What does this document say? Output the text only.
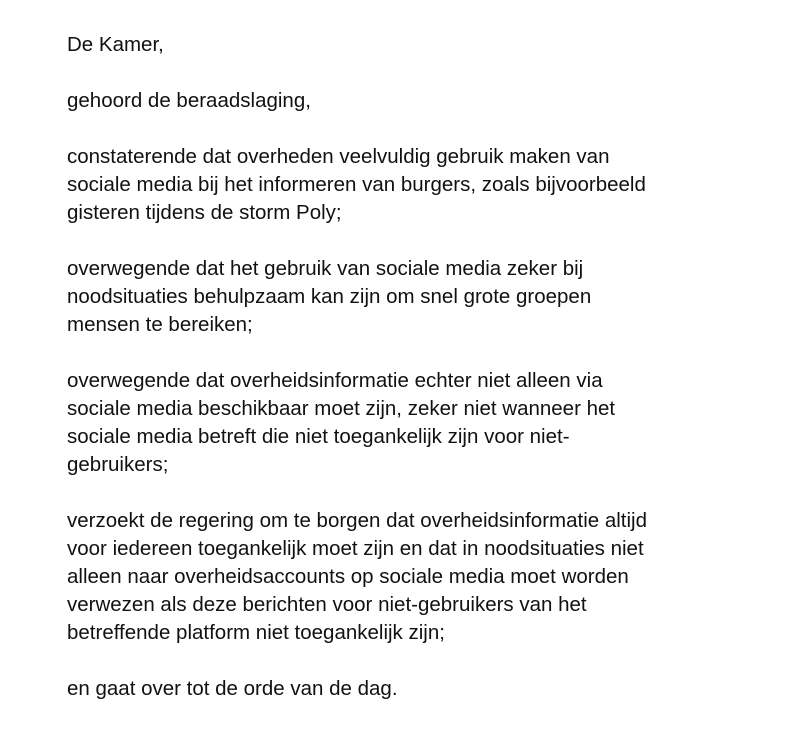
De Kamer,

gehoord de beraadslaging,

constaterende dat overheden veelvuldig gebruik maken van
sociale media bij het informeren van burgers, zoals bijvoorbeeld
gisteren tijdens de storm Poly;

overwegende dat het gebruik van sociale media zeker bij
noodsituaties behulpzaam kan zijn om snel grote groepen
mensen te bereiken;

overwegende dat overheidsinformatie echter niet alleen via
sociale media beschikbaar moet zijn, zeker niet wanneer het
sociale media betreft die niet toegankelijk zijn voor niet-
gebruikers;

verzoekt de regering om te borgen dat overheidsinformatie altijd
voor iedereen toegankelijk moet zijn en dat in noodsituaties niet
alleen naar overheidsaccounts op sociale media moet worden
verwezen als deze berichten voor niet-gebruikers van het
betreffende platform niet toegankelijk zijn;

en gaat over tot de orde van de dag.
